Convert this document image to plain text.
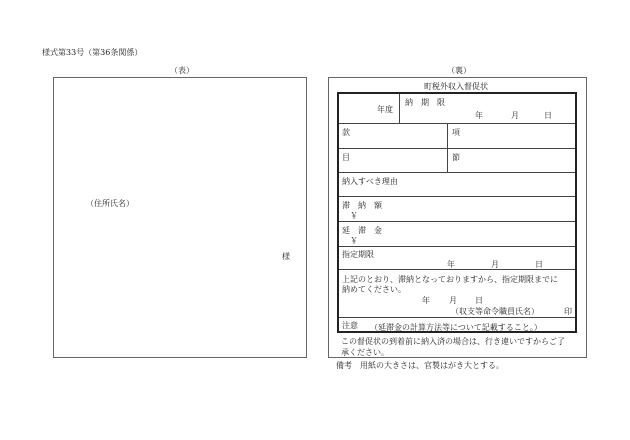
様式第33号（第36条関係）
（表）	（裏）
（住所氏名）
様
町税外収入督促状
この督促状の到着前に納入済の場合は、行き違いですからご了
承ください。
年度
納　期　限
年	月	日
款	項
目	節
納入すべき理由
滞　納　額
￥
延　滞　金
￥
指定期限
年	月	日
上記のとおり、滞納となっておりますから、指定期限までに
納めてください。
年 月 日
（収支等命令職員氏名）	印
注意 （延滞金の計算方法等について記載すること。）
備考　用紙の大きさは、官製はがき大とする。
